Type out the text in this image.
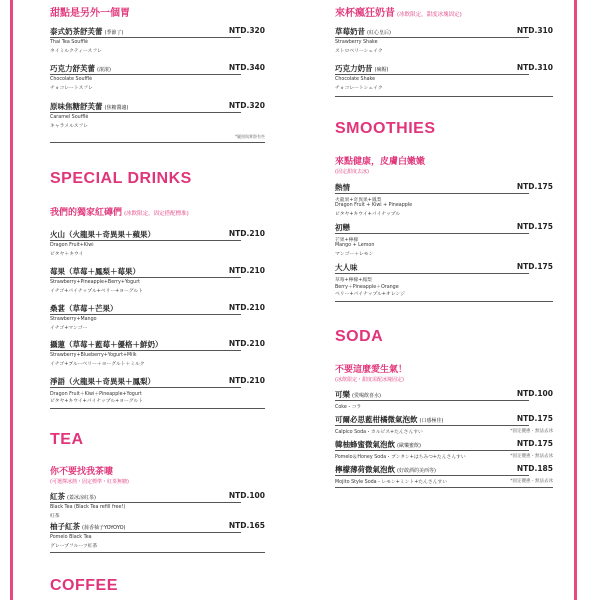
甜點是另外一個胃
泰式奶茶舒芙蕾 (季節了)	NTD.320
Thai Tea Soufflé
タイミルクティースフレ
巧克力舒芙蕾 (滾滾)	NTD.340
Chocolate Soufflé
チョコレートスフレ
原味焦糖舒芙蕾 (焦糖醬適)	NTD.320
Caramel Soufflé
キャラメルスフレ
*圖照與實際有些
SPECIAL DRINKS
我們的獨家紅磚們 (冰飲限定，固定搭配標准)
火山（火龍果＋奇異果＋蘋果）	NTD.210
Dragon Fruit+Kiwi
ピタヤ＋キウイ
莓果（草莓＋鳳梨＋莓果）	NTD.210
Strawberry+Pineapple+Berry+Yogurt
イチゴ+パイナップル+ベリー+ヨーグルト
桑葚（草莓＋芒果）	NTD.210
Strawberry+Mango
イチゴ+マンゴー
攝蓮（草莓＋藍莓＋優格＋鮮奶）	NTD.210
Strawberry+Blueberry+Yogurt+Milk
イチゴ+ブルーベリー＋ヨーグルト＋ミルク
淨語（火龍果＋奇異果＋鳳梨）	NTD.210
Dragon Fruit＋Kiwi＋Pineapple+Yogurt
ピタヤ+キウイ+パイナップル+ヨーグルト
TEA
你不要找我茶嘍
(可選擇冰熱・固定標準・紅茶無糖)
紅茶 (蓋冰涼紅茶)	NTD.100
Black Tea (Black Tea refill free!)
紅茶
柚子紅茶 (蕎香柚子YOYOYO)	NTD.165
Pomelo Black Tea
グレープフルーツ紅茶
COFFEE
來杯瘋狂奶昔 (冰飲限定，甜度冰塊固定)
草莓奶昔 (紅心皇后)	NTD.310
Strawberry Shake
ストロベリーシェイク
巧克力奶昔 (瘋帽)	NTD.310
Chocolate Shake
チョコレートシェイク
SMOOTHIES
來點健康，皮膚白嫩嫩
(固定甜度去冰)
熱情	NTD.175
火龍果+奇異果+鳳梨
Dragon Fruit + Kiwi + Pineapple
ピタヤ+キウイ+パイナップル
初戀	NTD.175
芒果+檸檬
Mango + Lemon
マンゴー＋レモン
大人味	NTD.175
草莓+檸檬+鳳梨
Berry＋Pineapple＋Orange
ベリー+パイナップル+オレンジ
SODA
不要這麼愛生氣！
(冰飲限定・甜度需配冰塊固定)
可樂 (愛喝飲喜水)	NTD.100
Coke・コラ
可爾必思藍柑橘微氣泡飲 (口感極佳)	NTD.175
Calpico Soda・カルピス+たんさんすい	*固定優惠・無法去冰
韓柚蜂蜜微氣泡飲 (歐樂蜜飲)	NTD.175
Pomelo＆Honey Soda・ブンタン+はちみつ+たんさんすい	*固定優惠・無法去冰
檸檬薄荷微氣泡飲 (好敢酒的美西等)	NTD.185
Mojito Style Soda・レモン+ミント+たんさんすい	*固定優惠・無法去冰
